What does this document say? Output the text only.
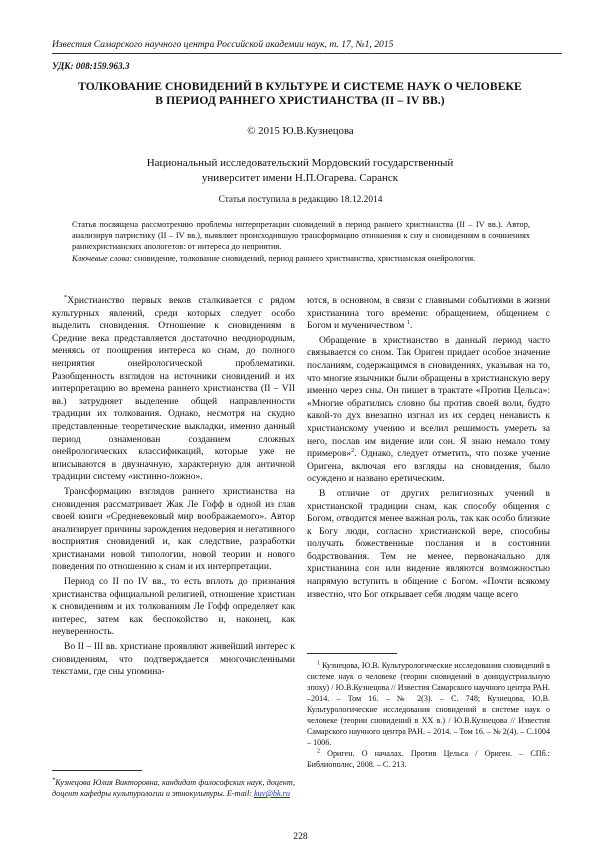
Известия Самарского научного центра Российской академии наук, т. 17, №1, 2015
УДК: 008:159.963.3
ТОЛКОВАНИЕ СНОВИДЕНИЙ В КУЛЬТУРЕ И СИСТЕМЕ НАУК О ЧЕЛОВЕКЕ
В ПЕРИОД РАННЕГО ХРИСТИАНСТВА (II – IV ВВ.)
© 2015 Ю.В.Кузнецова
Национальный исследовательский Мордовский государственный
университет имени Н.П.Огарева. Саранск
Статья поступила в редакцию 18.12.2014
Статья посвящена рассмотрению проблемы интерпретации сновидений в период раннего христианства (II – IV вв.). Автор, анализируя патристику (II – IV вв.), выявляет происходившую трансформацию отношения к сну и сновидениям в сочинениях раннехристианских апологетов: от интереса до неприятия.
Ключевые слова: сновидение, толкование сновидений, период раннего христианства, христианская онейрология.

*Христианство первых веков сталкивается с рядом культурных явлений, среди которых следует особо выделить сновидения. Отношение к сновидениям в Средние века представляется достаточно неоднородным, меняясь от поощрения интереса ко снам, до полного неприятия онейрологической проблематики. Разобщенность взглядов на источники сновидений и их интерпретацию во времена раннего христианства (II – VII вв.) затрудняет выделение общей направленности традиции их толкования. Однако, несмотря на скудно представленные теоретические выкладки, именно данный период ознаменован созданием сложных онейрологических классификаций, которые уже не вписываются в двузначную, характерную для античной традиции систему «истинно-ложно».

Трансформацию взглядов раннего христианства на сновидения рассматривает Жак Ле Гофф в одной из глав своей книги «Средневековый мир воображаемого». Автор анализирует причины зарождения недоверия и негативного восприятия сновидений и, как следствие, разработки христианами новой типологии, новой теории и нового поведения по отношению к снам и их интерпретации.

Период со II по IV вв., то есть вплоть до признания христианства официальной религией, отношение христиан к сновидениям и их толкованиям Ле Гофф определяет как интерес, затем как беспокойство и, наконец, как неуверенность.

Во II – III вв. христиане проявляют живейший интерес к сновидениям, что подтверждается многочисленными текстами, где сны упомина-

ются, в основном, в связи с главными событиями в жизни христианина того времени: обращением, общением с Богом и мученичеством $^1$.

Обращение в христианство в данный период часто связывается со сном. Так Ориген придает особое значение посланиям, содержащимся в сновидениях, указывая на то, что многие язычники были обращены в христианскую веру именно через сны. Он пишет в трактате «Против Цельса»: «Многие обратились словно бы против своей воли, будто какой-то дух внезапно изгнал из их сердец ненависть к христианскому учению и вселил решимость умереть за него, послав им видение или сон. Я знаю немало тому примеров»$^2$. Однако, следует отметить, что позже учение Оригена, включая его взгляды на сновидения, было осуждено и названо еретическим.

В отличие от других религиозных учений в христианской традиции снам, как способу общения с Богом, отводится менее важная роль, так как особо близкие к Богу люди, согласно христианской вере, способны получать божественные послания и в состоянии бодрствования. Тем не менее, первоначально для христианина сон или видение являются возможностью напрямую вступить в общение с Богом. «Почти всякому известно, что Бог открывает себя людям чаще всего

$^1$ Кузнецова, Ю.В. Культурологические исследования сновидений в системе наук о человеке (теории сновидений в доиндустриальную эпоху) / Ю.В.Кузнецова // Известия Самарского научного центра РАН. –2014. – Том 16. – № 2(3). – С. 748; Кузнецова, Ю.В. Культурологические исследования сновидений в системе наук о человеке (теории сновидений в XX в.) / Ю.В.Кузнецова // Известия Самарского научного центра РАН. – 2014. – Том 16. – № 2(4). – С.1004 – 1006.

$^2$ Ориген. О началах. Против Цельса / Ориген. – СПб.: Библиополис, 2008. – С. 213.

*Кузнецова Юлия Викторовна, кандидат философских наук, доцент, доцент кафедры культурологии и этнокультуры. E-mail: kuv@bk.ru
228
